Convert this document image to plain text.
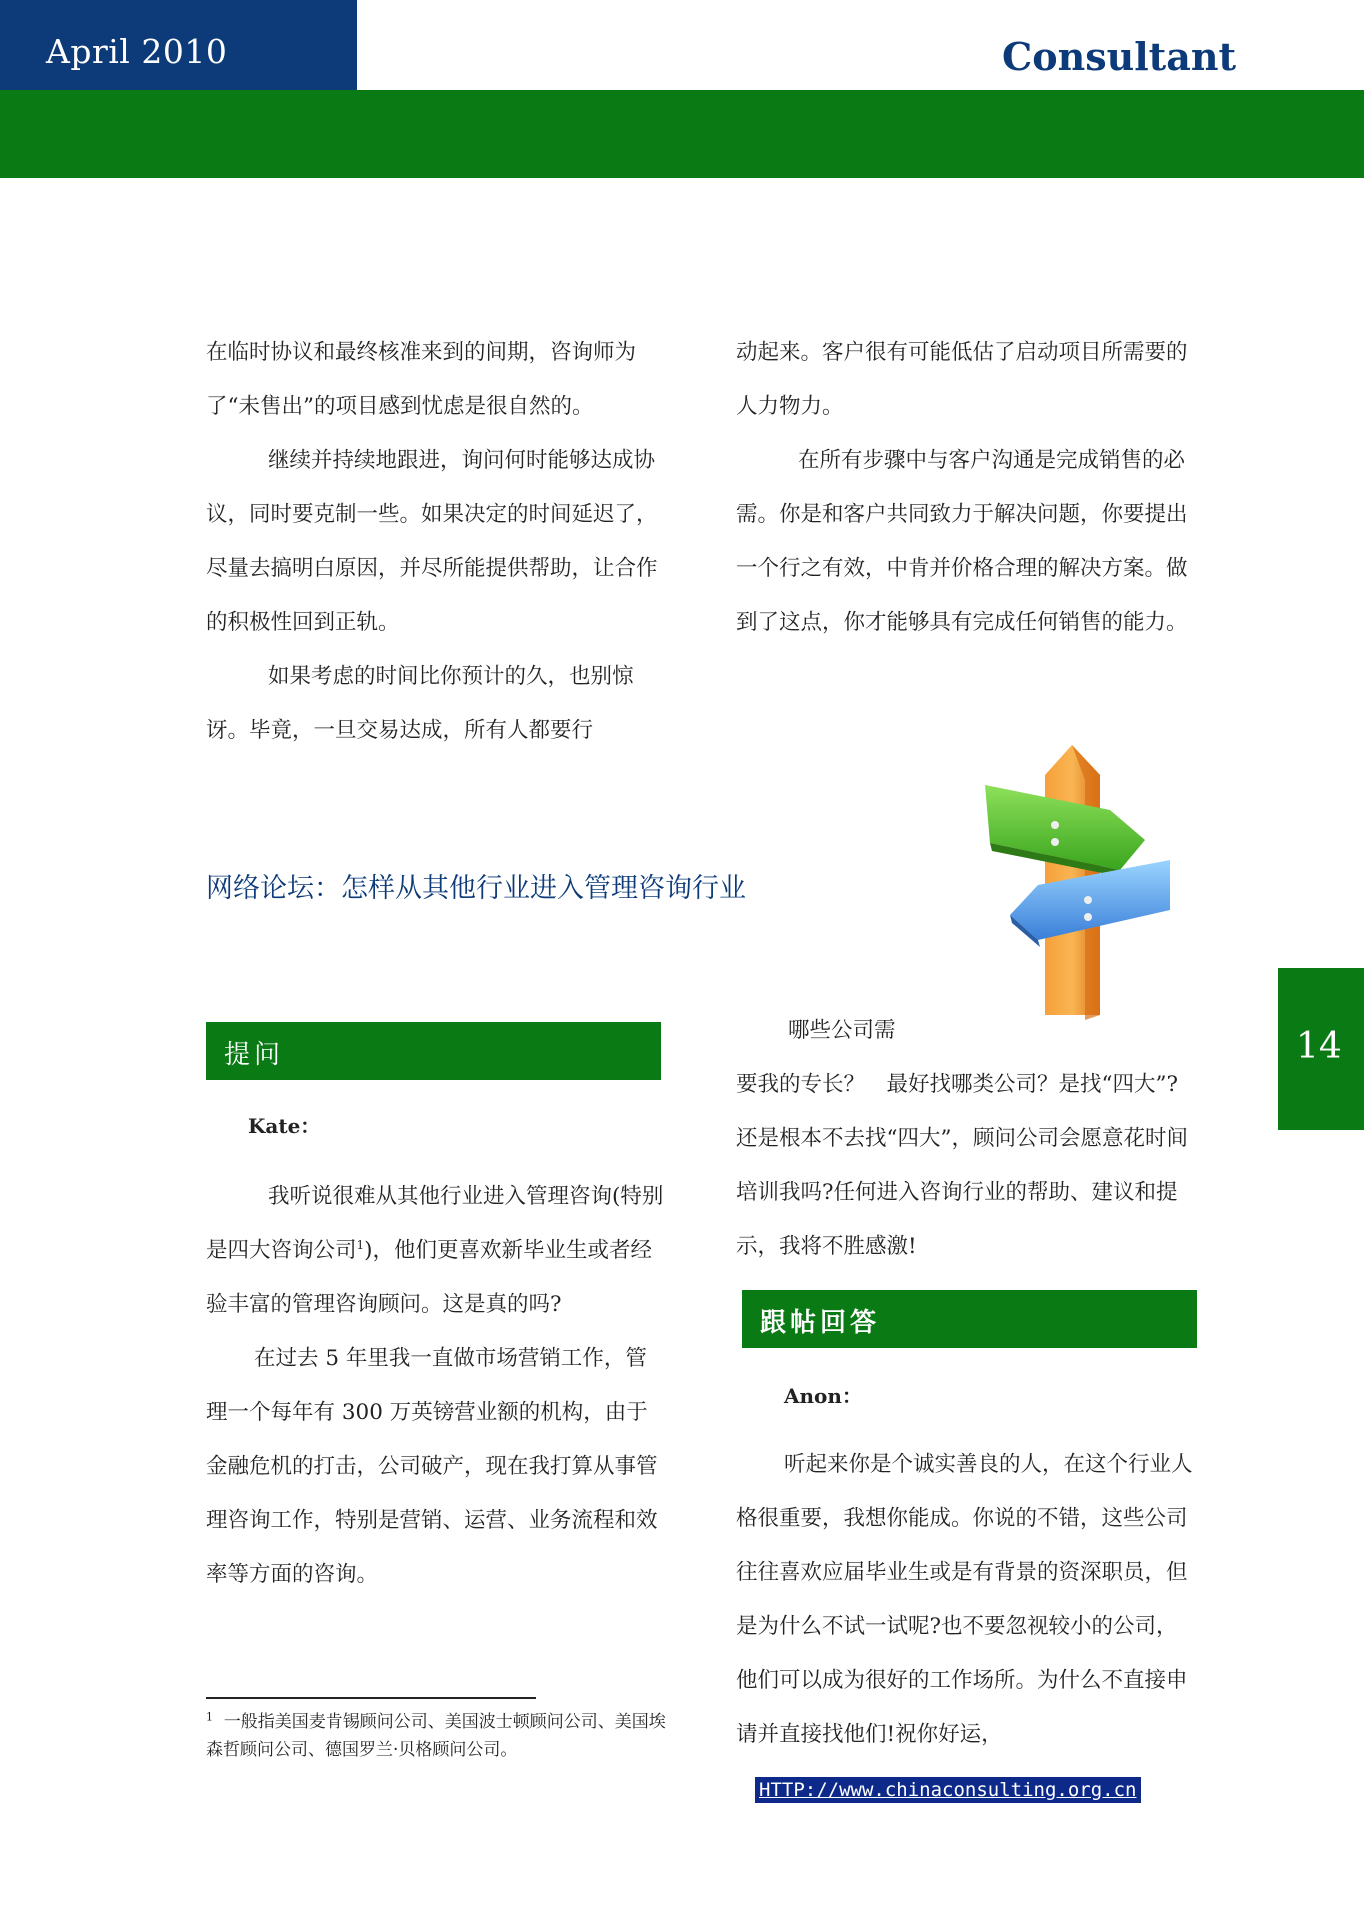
April 2010	Consultant

在临时协议和最终核准来到的间期，咨询师为了“未售出”的项目感到忧虑是很自然的。

继续并持续地跟进，询问何时能够达成协议，同时要克制一些。如果决定的时间延迟了，尽量去搞明白原因，并尽所能提供帮助，让合作的积极性回到正轨。

如果考虑的时间比你预计的久，也别惊讶。毕竟，一旦交易达成，所有人都要行

动起来。客户很有可能低估了启动项目所需要的人力物力。

在所有步骤中与客户沟通是完成销售的必需。你是和客户共同致力于解决问题，你要提出一个行之有效，中肯并价格合理的解决方案。做到了这点，你才能够具有完成任何销售的能力。

网络论坛：怎样从其他行业进入管理咨询行业
提问
Kate：

我听说很难从其他行业进入管理咨询(特别是四大咨询公司$^1$)，他们更喜欢新毕业生或者经验丰富的管理咨询顾问。这是真的吗?

在过去 5 年里我一直做市场营销工作，管理一个每年有 300 万英镑营业额的机构，由于金融危机的打击，公司破产，现在我打算从事管理咨询工作，特别是营销、运营、业务流程和效率等方面的咨询。

哪些公司需

要我的专长？　最好找哪类公司？是找“四大”?还是根本不去找“四大”，顾问公司会愿意花时间培训我吗?任何进入咨询行业的帮助、建议和提示，我将不胜感激!

跟帖回答
Anon：

听起来你是个诚实善良的人，在这个行业人格很重要，我想你能成。你说的不错，这些公司往往喜欢应届毕业生或是有背景的资深职员，但是为什么不试一试呢?也不要忽视较小的公司，他们可以成为很好的工作场所。为什么不直接申请并直接找他们!祝你好运，

$^1$ 一般指美国麦肯锡顾问公司、美国波士顿顾问公司、美国埃森哲顾问公司、德国罗兰·贝格顾问公司。
HTTP://www.chinaconsulting.org.cn
14
